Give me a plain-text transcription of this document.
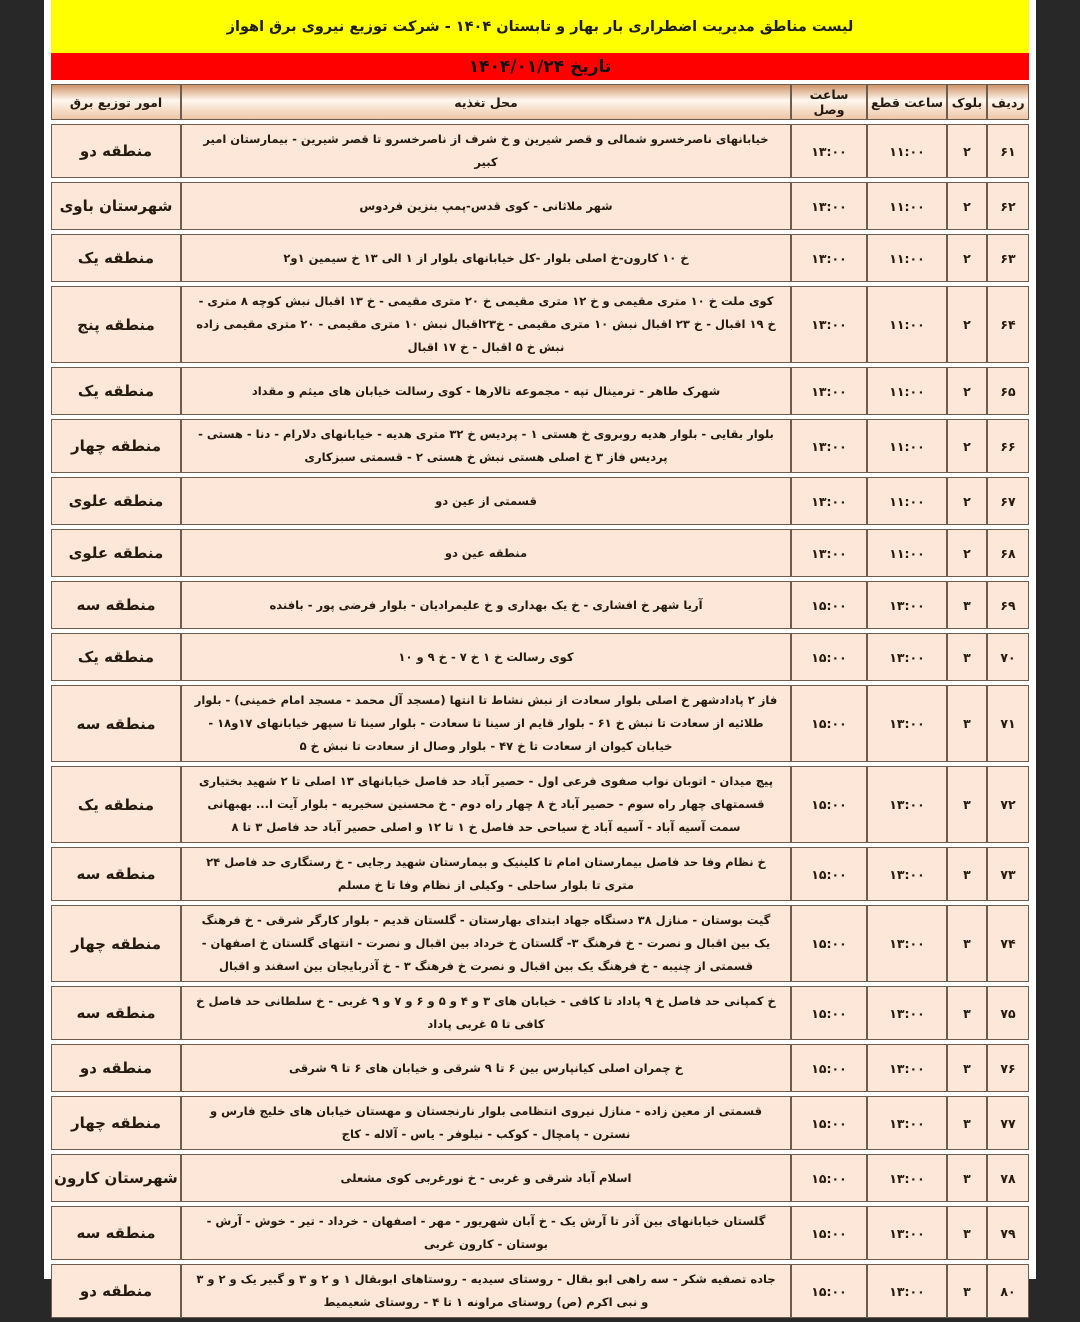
لیست مناطق مدیریت اضطراری بار بهار و تابستان ۱۴۰۴ - شرکت توزیع نیروی برق اهواز
تاریخ ۱۴۰۴/۰۱/۲۴
ردیف	بلوک	ساعت قطع	ساعت وصل	محل تغذیه	امور توزیع برق
۶۱	۲	۱۱:۰۰	۱۳:۰۰	خیابانهای ناصرخسرو شمالی و قصر شیرین و خ شرف از ناصرخسرو تا قصر شیرین - بیمارستان امیر کبیر	منطقه دو
۶۲	۲	۱۱:۰۰	۱۳:۰۰	شهر ملاثانی - کوی قدس-پمپ بنزین فردوس	شهرستان باوی
۶۳	۲	۱۱:۰۰	۱۳:۰۰	خ ۱۰ کارون-خ اصلی بلوار -کل خیابانهای بلوار از ۱ الی ۱۳ خ سیمین ۱و۲	منطقه یک
۶۴	۲	۱۱:۰۰	۱۳:۰۰	کوی ملت خ ۱۰ متری مقیمی و خ ۱۲ متری مقیمی خ ۲۰ متری مقیمی - خ ۱۳ اقبال نبش کوچه ۸ متری - خ ۱۹ اقبال - خ ۲۳ اقبال نبش ۱۰ متری مقیمی - خ۲۳اقبال نبش ۱۰ متری مقیمی - ۲۰ متری مقیمی زاده نبش خ ۵ اقبال - خ ۱۷ اقبال	منطقه پنج
۶۵	۲	۱۱:۰۰	۱۳:۰۰	شهرک طاهر - ترمینال تپه - مجموعه تالارها - کوی رسالت خیابان های میثم و مقداد	منطقه یک
۶۶	۲	۱۱:۰۰	۱۳:۰۰	بلوار بقایی - بلوار هدیه روبروی خ هستی ۱ - پردیس خ ۳۲ متری هدیه - خیابانهای دلارام - دنا - هستی - پردیس فاز ۳ خ اصلی هستی نبش خ هستی ۲ - قسمتی سبزکاری	منطقه چهار
۶۷	۲	۱۱:۰۰	۱۳:۰۰	قسمتی از عین دو	منطقه علوی
۶۸	۲	۱۱:۰۰	۱۳:۰۰	منطقه عین دو	منطقه علوی
۶۹	۳	۱۳:۰۰	۱۵:۰۰	آریا شهر خ افشاری - خ یک بهداری و خ علیمرادیان - بلوار فرضی پور - بافنده	منطقه سه
۷۰	۳	۱۳:۰۰	۱۵:۰۰	کوی رسالت خ ۱ خ ۷ - خ ۹ و ۱۰	منطقه یک
۷۱	۳	۱۳:۰۰	۱۵:۰۰	فاز ۲ پادادشهر خ اصلی بلوار سعادت از نبش نشاط تا انتها (مسجد آل محمد - مسجد امام خمینی) - بلوار طلائیه از سعادت تا نبش خ ۶۱ - بلوار قایم از سینا تا سعادت - بلوار سینا تا سپهر خیابانهای ۱۷و۱۸ - خیابان کیوان از سعادت تا خ ۴۷ - بلوار وصال از سعادت تا نبش خ ۵	منطقه سه
۷۲	۳	۱۳:۰۰	۱۵:۰۰	پیچ میدان - اتوبان نواب صفوی فرعی اول - حصیر آباد حد فاصل خیابانهای ۱۳ اصلی تا ۲ شهید بختیاری قسمتهای چهار راه سوم - حصیر آباد خ ۸ چهار راه دوم - خ محسنین سخیریه - بلوار آیت ا... بهبهانی سمت آسیه آباد - آسیه آباد خ سیاحی حد فاصل خ ۱ تا ۱۲ و اصلی حصیر آباد حد فاصل ۳ تا ۸	منطقه یک
۷۳	۳	۱۳:۰۰	۱۵:۰۰	خ نظام وفا حد فاصل بیمارستان امام تا کلینیک و بیمارستان شهید رجایی - خ رستگاری حد فاصل ۲۴ متری تا بلوار ساحلی - وکیلی از نظام وفا تا خ مسلم	منطقه سه
۷۴	۳	۱۳:۰۰	۱۵:۰۰	گیت بوستان - منازل ۳۸ دستگاه جهاد ابتدای بهارستان - گلستان قدیم - بلوار کارگر شرقی - خ فرهنگ یک بین اقبال و نصرت - خ فرهنگ ۳- گلستان خ خرداد بین اقبال و نصرت - انتهای گلستان خ اصفهان - قسمتی از چنیبه - خ فرهنگ یک بین اقبال و نصرت خ فرهنگ ۳ - خ آذربایجان بین اسفند و اقبال	منطقه چهار
۷۵	۳	۱۳:۰۰	۱۵:۰۰	خ کمپانی حد فاصل خ ۹ پاداد تا کافی - خیابان های ۳ و ۴ و ۵ و ۶ و ۷ و ۹ غربی - خ سلطانی حد فاصل خ کافی تا ۵ غربی پاداد	منطقه سه
۷۶	۳	۱۳:۰۰	۱۵:۰۰	خ چمران اصلی کیانپارس بین ۶ تا ۹ شرقی و خیابان های ۶ تا ۹ شرقی	منطقه دو
۷۷	۳	۱۳:۰۰	۱۵:۰۰	قسمتی از معین زاده - منازل نیروی انتظامی بلوار نارنجستان و مهستان خیابان های خلیج فارس و نسترن - پامچال - کوکب - نیلوفر - یاس - آلاله - کاج	منطقه چهار
۷۸	۳	۱۳:۰۰	۱۵:۰۰	اسلام آباد شرقی و غربی - خ نورغربی کوی مشعلی	شهرستان کارون
۷۹	۳	۱۳:۰۰	۱۵:۰۰	گلستان خیابانهای بین آذر تا آرش یک - خ آبان شهریور - مهر - اصفهان - خرداد - تیر - خوش - آرش - بوستان - کارون غربی	منطقه سه
۸۰	۳	۱۳:۰۰	۱۵:۰۰	جاده تصفیه شکر - سه راهی ابو بقال - روستای سیدیه - روستاهای ابوبقال ۱ و ۲ و ۳ و گبیر یک و ۲ و ۳ و نبی اکرم (ص) روستای مراونه ۱ تا ۴ - روستای شعیمیط	منطقه دو
